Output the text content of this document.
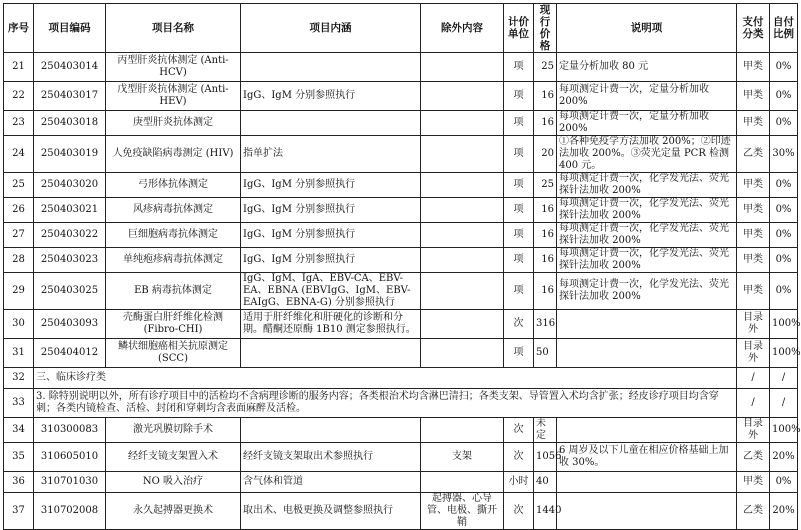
序号	项目编码	项目名称	项目内涵	除外内容	计价单位	现行价格	说明项	支付分类	自付比例
21	250403014	丙型肝炎抗体测定 (Anti-HCV)			项	25	定量分析加收 80 元	甲类	0%
22	250403017	戊型肝炎抗体测定 (Anti-HEV)	IgG、IgM 分别参照执行		项	16	每项测定计费一次，定量分析加收 200%	甲类	0%
23	250403018	庚型肝炎抗体测定			项	16	每项测定计费一次，定量分析加收 200%	甲类	0%
24	250403019	人免疫缺陷病毒测定 (HIV)	指单扩法		项	20	①各种免疫学方法加收 200%；②印迹法加收 200%。③荧光定量 PCR 检测 400 元。	乙类	30%
25	250403020	弓形体抗体测定	IgG、IgM 分别参照执行		项	25	每项测定计费一次，化学发光法、荧光探针法加收 200%	甲类	0%
26	250403021	风疹病毒抗体测定	IgG、IgM 分别参照执行		项	16	每项测定计费一次，化学发光法、荧光探针法加收 200%	甲类	0%
27	250403022	巨细胞病毒抗体测定	IgG、IgM 分别参照执行		项	16	每项测定计费一次，化学发光法、荧光探针法加收 200%	甲类	0%
28	250403023	单纯疱疹病毒抗体测定	IgG、IgM 分别参照执行		项	16	每项测定计费一次，化学发光法、荧光探针法加收 200%	甲类	0%
29	250403025	EB 病毒抗体测定	IgG、IgM、IgA、EBV-CA、EBV-EA、EBNA (EBVIgG、IgM、EBV-EAIgG、EBNA-G) 分别参照执行		项	16	每项测定计费一次，化学发光法、荧光探针法加收 200%	甲类	0%
30	250403093	壳酶蛋白肝纤维化检测 (Fibro-CHI)	适用于肝纤维化和肝硬化的诊断和分期。醋酮还原酶 1B10 测定参照执行。		次	316		目录外	100%
31	250404012	鳞状细胞癌相关抗原测定 (SCC)			项	50		目录外	100%
32	三、临床诊疗类							/	/
33	3. 除特别说明以外，所有诊疗项目中的活检均不含病理诊断的服务内容；各类根治术均含淋巴清扫；各类支架、导管置入术均含扩张；经皮诊疗项目均含穿刺；各类内镜检查、活检、封闭和穿刺均含表面麻醉及活检。							/	/
34	310300083	激光巩膜切除手术			次	未定		目录外	100%
35	310605010	经纤支镜支架置入术	经纤支镜支架取出术参照执行	支架	次	1056	6 周岁及以下儿童在相应价格基础上加收 30%。	乙类	20%
36	310701030	NO 吸入治疗	含气体和管道		小时	40		甲类	0%
37	310702008	永久起搏器更换术	取出术、电极更换及调整参照执行	起搏器、心导管、电极、撕开鞘	次	1440		乙类	20%
